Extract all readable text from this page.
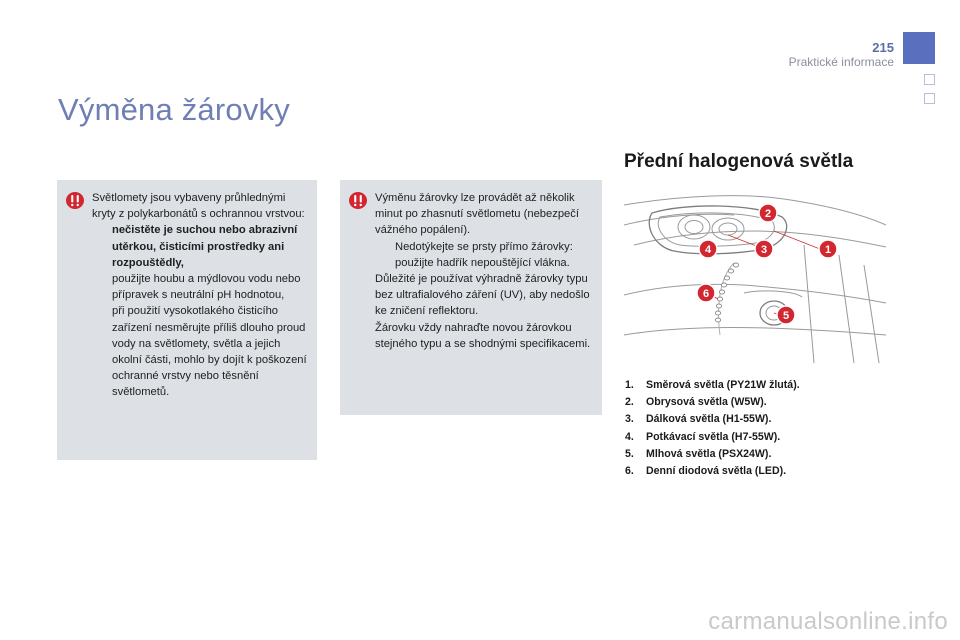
215
Praktické informace
Výměna žárovky

Světlomety jsou vybaveny průhlednými kryty z polykarbonátů s ochrannou vrstvou:

nečistěte je suchou nebo abrazivní utěrkou, čisticími prostředky ani rozpouštědly,
použijte houbu a mýdlovou vodu nebo přípravek s neutrální pH hodnotou,
při použití vysokotlakého čisticího zařízení nesměrujte příliš dlouho proud vody na světlomety, světla a jejich okolní části, mohlo by dojít k poškození ochranné vrstvy nebo těsnění světlometů.

Výměnu žárovky lze provádět až několik minut po zhasnutí světlometu (nebezpečí vážného popálení).

Nedotýkejte se prsty přímo žárovky: použijte hadřík nepouštějící vlákna.

Důležité je používat výhradně žárovky typu bez ultrafialového záření (UV), aby nedošlo ke zničení reflektoru.

Žárovku vždy nahraďte novou žárovkou stejného typu a se shodnými specifikacemi.

Přední halogenová světla
2
4	3	1
6
5
1.	Směrová světla (PY21W žlutá).
2.	Obrysová světla (W5W).
3.	Dálková světla (H1-55W).
4.	Potkávací světla (H7-55W).
5.	Mlhová světla (PSX24W).
6.	Denní diodová světla (LED).
carmanualsonline.info
